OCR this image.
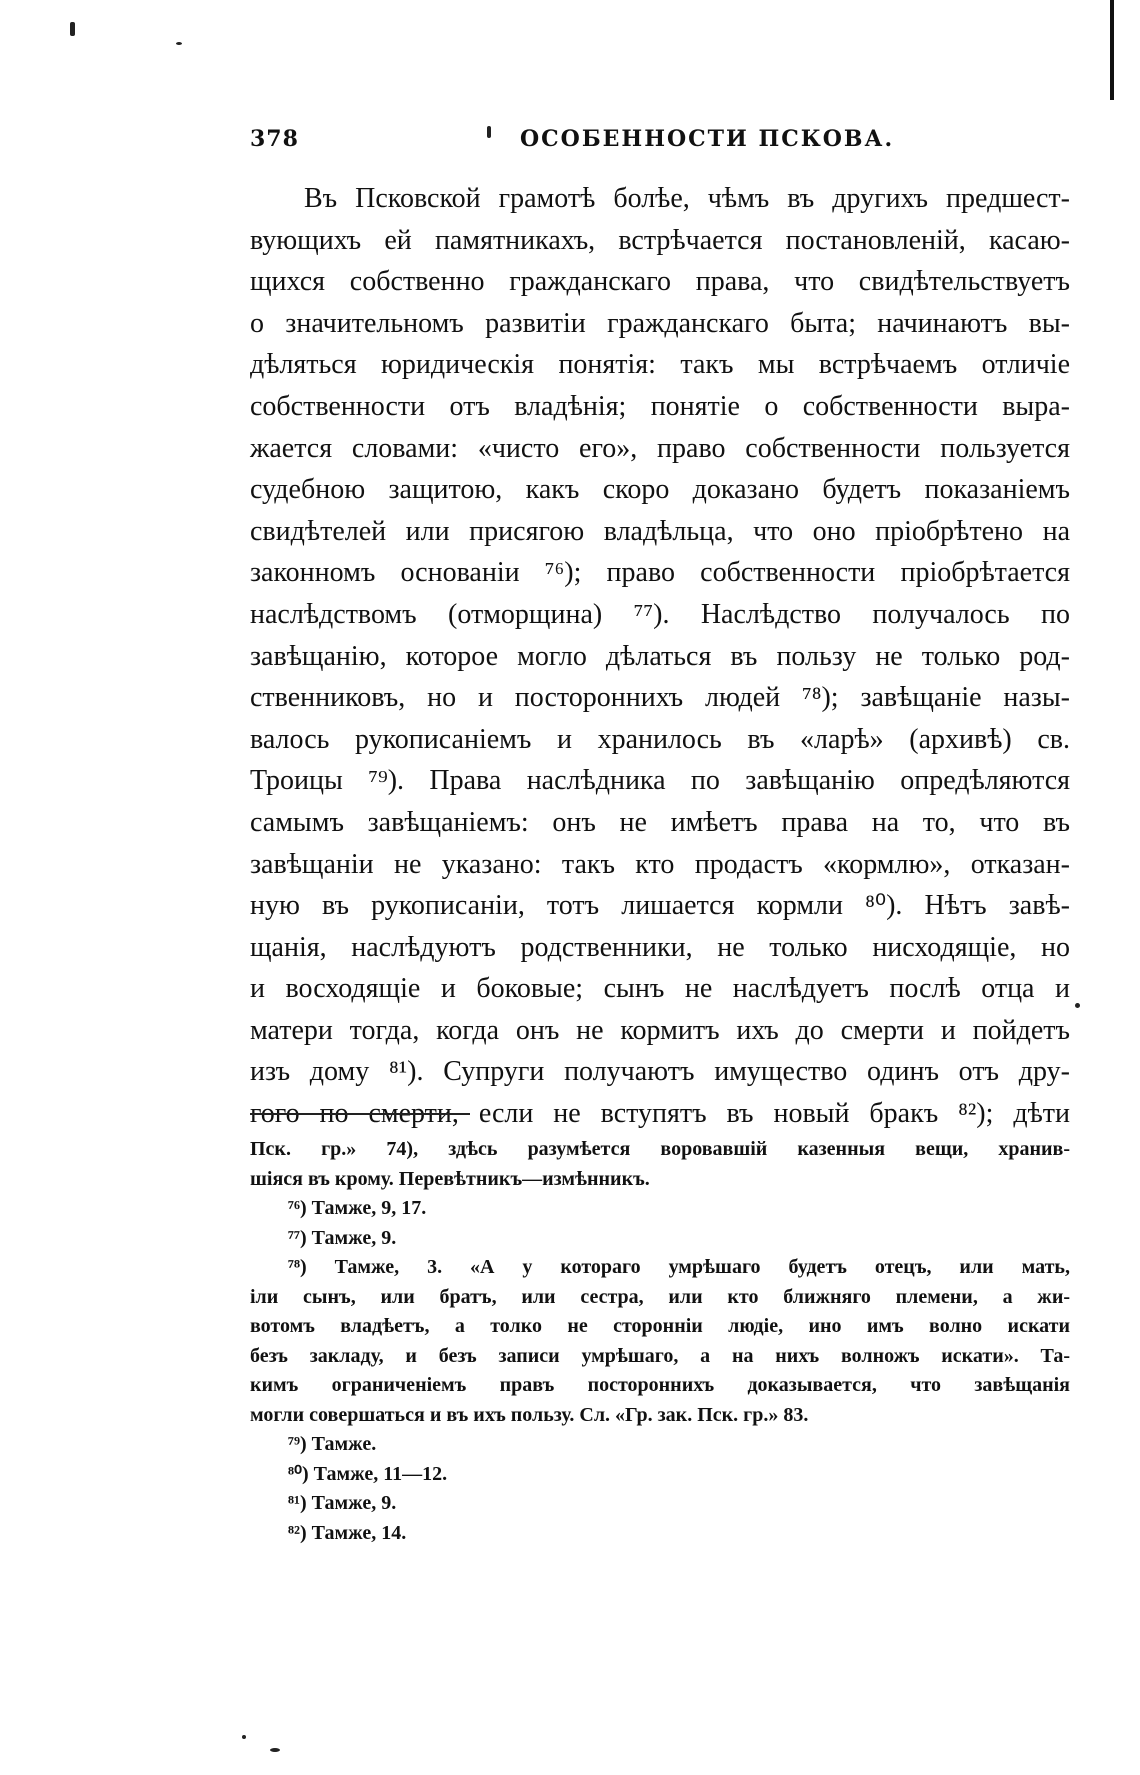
378	ОСОБЕННОСТИ ПСКОВА.
Въ Псковской грамотѣ болѣе, чѣмъ въ другихъ предшест-
вующихъ ей памятникахъ, встрѣчается постановленій, касаю-
щихся собственно гражданскаго права, что свидѣтельствуетъ
о значительномъ развитіи гражданскаго быта; начинаютъ вы-
дѣляться юридическія понятія: такъ мы встрѣчаемъ отличіе
собственности отъ владѣнія; понятіе о собственности выра-
жается словами: «чисто его», право собственности пользуется
судебною защитою, какъ скоро доказано будетъ показаніемъ
свидѣтелей или присягою владѣльца, что оно пріобрѣтено на
законномъ основаніи ⁷⁶); право собственности пріобрѣтается
наслѣдствомъ (отморщина) ⁷⁷). Наслѣдство получалось по
завѣщанію, которое могло дѣлаться въ пользу не только род-
ственниковъ, но и постороннихъ людей ⁷⁸); завѣщаніе назы-
валось рукописаніемъ и хранилось въ «ларѣ» (архивѣ) св.
Троицы ⁷⁹). Права наслѣдника по завѣщанію опредѣляются
самымъ завѣщаніемъ: онъ не имѣетъ права на то, что въ
завѣщаніи не указано: такъ кто продастъ «кормлю», отказан-
ную въ рукописаніи, тотъ лишается кормли ⁸⁰). Нѣтъ завѣ-
щанія, наслѣдуютъ родственники, не только нисходящіе, но
и восходящіе и боковые; сынъ не наслѣдуетъ послѣ отца и
матери тогда, когда онъ не кормитъ ихъ до смерти и пойдетъ
изъ дому ⁸¹). Супруги получаютъ имущество одинъ отъ дру-
гого по смерти, если не вступятъ въ новый бракъ ⁸²); дѣти
Пск. гр.» 74), здѣсь разумѣется воровавшій казенныя вещи, хранив-
шіяся въ крому. Перевѣтникъ—измѣнникъ.
⁷⁶) Тамже, 9, 17.
⁷⁷) Тамже, 9.
⁷⁸) Тамже, 3. «А у котораго умрѣшаго будетъ отецъ, или мать,
іли сынъ, или братъ, или сестра, или кто ближняго племени, а жи-
вотомъ владѣетъ, а толко не сторонніи людіе, ино имъ волно искати
безъ закладу, и безъ записи умрѣшаго, а на нихъ волножъ искати». Та-
кимъ ограниченіемъ правъ постороннихъ доказывается, что завѣщанія
могли совершаться и въ ихъ пользу. Сл. «Гр. зак. Пск. гр.» 83.
⁷⁹) Тамже.
⁸⁰) Тамже, 11—12.
⁸¹) Тамже, 9.
⁸²) Тамже, 14.
